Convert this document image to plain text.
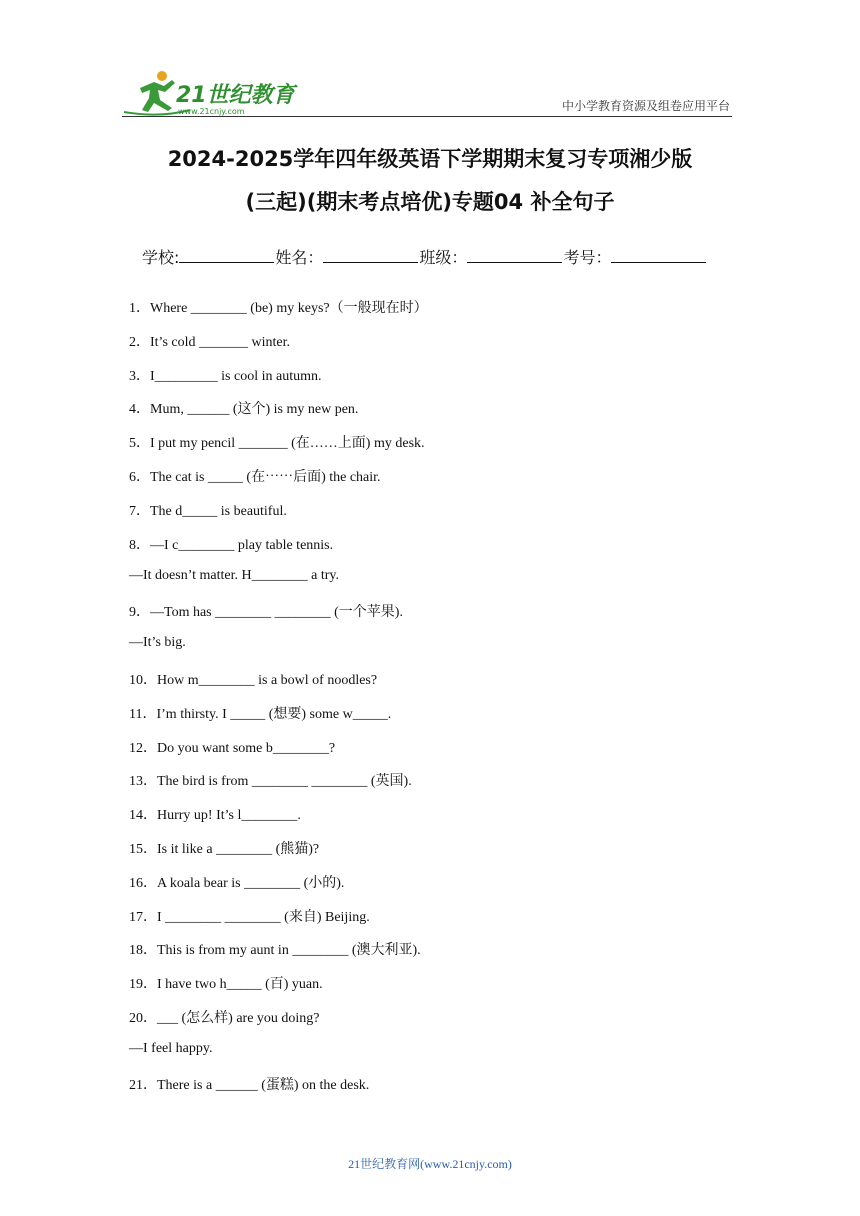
21世纪教育
www.21cnjy.com	中小学教育资源及组卷应用平台
2024-2025学年四年级英语下学期期末复习专项湘少版
(三起)(期末考点培优)专题04 补全句子
学校:	姓名：	班级：	考号：
1．Where ________ (be) my keys?（一般现在时）
2．It’s cold _______ winter.
3．I_________ is cool in autumn.
4．Mum, ______ (这个) is my new pen.
5．I put my pencil _______ (在……上面) my desk.
6．The cat is _____ (在⋯⋯后面) the chair.
7．The d_____ is beautiful.
8．—I c________ play table tennis.
—It doesn’t matter. H________ a try.
9．—Tom has ________ ________ (一个苹果).
—It’s big.
10．How m________ is a bowl of noodles?
11．I’m thirsty. I _____ (想要) some w_____.
12．Do you want some b________?
13．The bird is from ________ ________ (英国).
14．Hurry up! It’s l________.
15．Is it like a ________ (熊猫)?
16．A koala bear is ________ (小的).
17．I ________ ________ (来自) Beijing.
18．This is from my aunt in ________ (澳大利亚).
19．I have two h_____ (百) yuan.
20．___ (怎么样) are you doing?
—I feel happy.
21．There is a ______ (蛋糕) on the desk.
21世纪教育网(www.21cnjy.com)
